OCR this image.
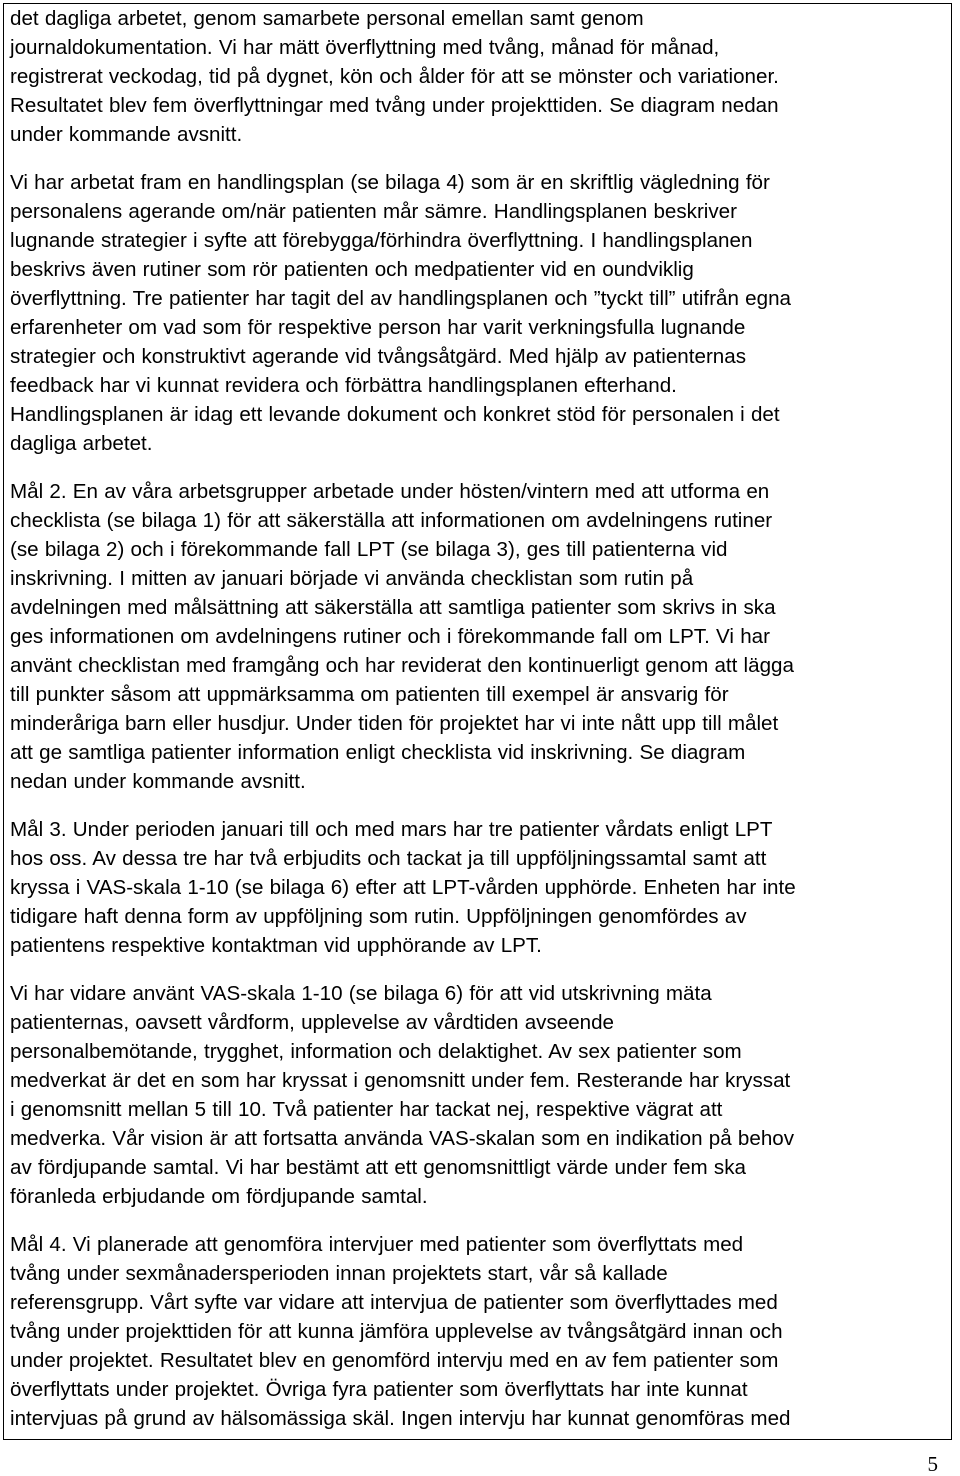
det dagliga arbetet, genom samarbete personal emellan samt genom
journaldokumentation. Vi har mätt överflyttning med tvång, månad för månad,
registrerat veckodag, tid på dygnet, kön och ålder för att se mönster och variationer.
Resultatet blev fem överflyttningar med tvång under projekttiden. Se diagram nedan
under kommande avsnitt.

Vi har arbetat fram en handlingsplan (se bilaga 4) som är en skriftlig vägledning för
personalens agerande om/när patienten mår sämre. Handlingsplanen beskriver
lugnande strategier i syfte att förebygga/förhindra överflyttning. I handlingsplanen
beskrivs även rutiner som rör patienten och medpatienter vid en oundviklig
överflyttning. Tre patienter har tagit del av handlingsplanen och ”tyckt till” utifrån egna
erfarenheter om vad som för respektive person har varit verkningsfulla lugnande
strategier och konstruktivt agerande vid tvångsåtgärd. Med hjälp av patienternas
feedback har vi kunnat revidera och förbättra handlingsplanen efterhand.
Handlingsplanen är idag ett levande dokument och konkret stöd för personalen i det
dagliga arbetet.

Mål 2. En av våra arbetsgrupper arbetade under hösten/vintern med att utforma en
checklista (se bilaga 1) för att säkerställa att informationen om avdelningens rutiner
(se bilaga 2) och i förekommande fall LPT (se bilaga 3), ges till patienterna vid
inskrivning. I mitten av januari började vi använda checklistan som rutin på
avdelningen med målsättning att säkerställa att samtliga patienter som skrivs in ska
ges informationen om avdelningens rutiner och i förekommande fall om LPT. Vi har
använt checklistan med framgång och har reviderat den kontinuerligt genom att lägga
till punkter såsom att uppmärksamma om patienten till exempel är ansvarig för
minderåriga barn eller husdjur. Under tiden för projektet har vi inte nått upp till målet
att ge samtliga patienter information enligt checklista vid inskrivning. Se diagram
nedan under kommande avsnitt.

Mål 3. Under perioden januari till och med mars har tre patienter vårdats enligt LPT
hos oss. Av dessa tre har två erbjudits och tackat ja till uppföljningssamtal samt att
kryssa i VAS-skala 1-10 (se bilaga 6) efter att LPT-vården upphörde. Enheten har inte
tidigare haft denna form av uppföljning som rutin. Uppföljningen genomfördes av
patientens respektive kontaktman vid upphörande av LPT.

Vi har vidare använt VAS-skala 1-10 (se bilaga 6) för att vid utskrivning mäta
patienternas, oavsett vårdform, upplevelse av vårdtiden avseende
personalbemötande, trygghet, information och delaktighet. Av sex patienter som
medverkat är det en som har kryssat i genomsnitt under fem. Resterande har kryssat
i genomsnitt mellan 5 till 10. Två patienter har tackat nej, respektive vägrat att
medverka. Vår vision är att fortsatta använda VAS-skalan som en indikation på behov
av fördjupande samtal. Vi har bestämt att ett genomsnittligt värde under fem ska
föranleda erbjudande om fördjupande samtal.

Mål 4. Vi planerade att genomföra intervjuer med patienter som överflyttats med
tvång under sexmånadersperioden innan projektets start, vår så kallade
referensgrupp. Vårt syfte var vidare att intervjua de patienter som överflyttades med
tvång under projekttiden för att kunna jämföra upplevelse av tvångsåtgärd innan och
under projektet. Resultatet blev en genomförd intervju med en av fem patienter som
överflyttats under projektet. Övriga fyra patienter som överflyttats har inte kunnat
intervjuas på grund av hälsomässiga skäl. Ingen intervju har kunnat genomföras med

5
